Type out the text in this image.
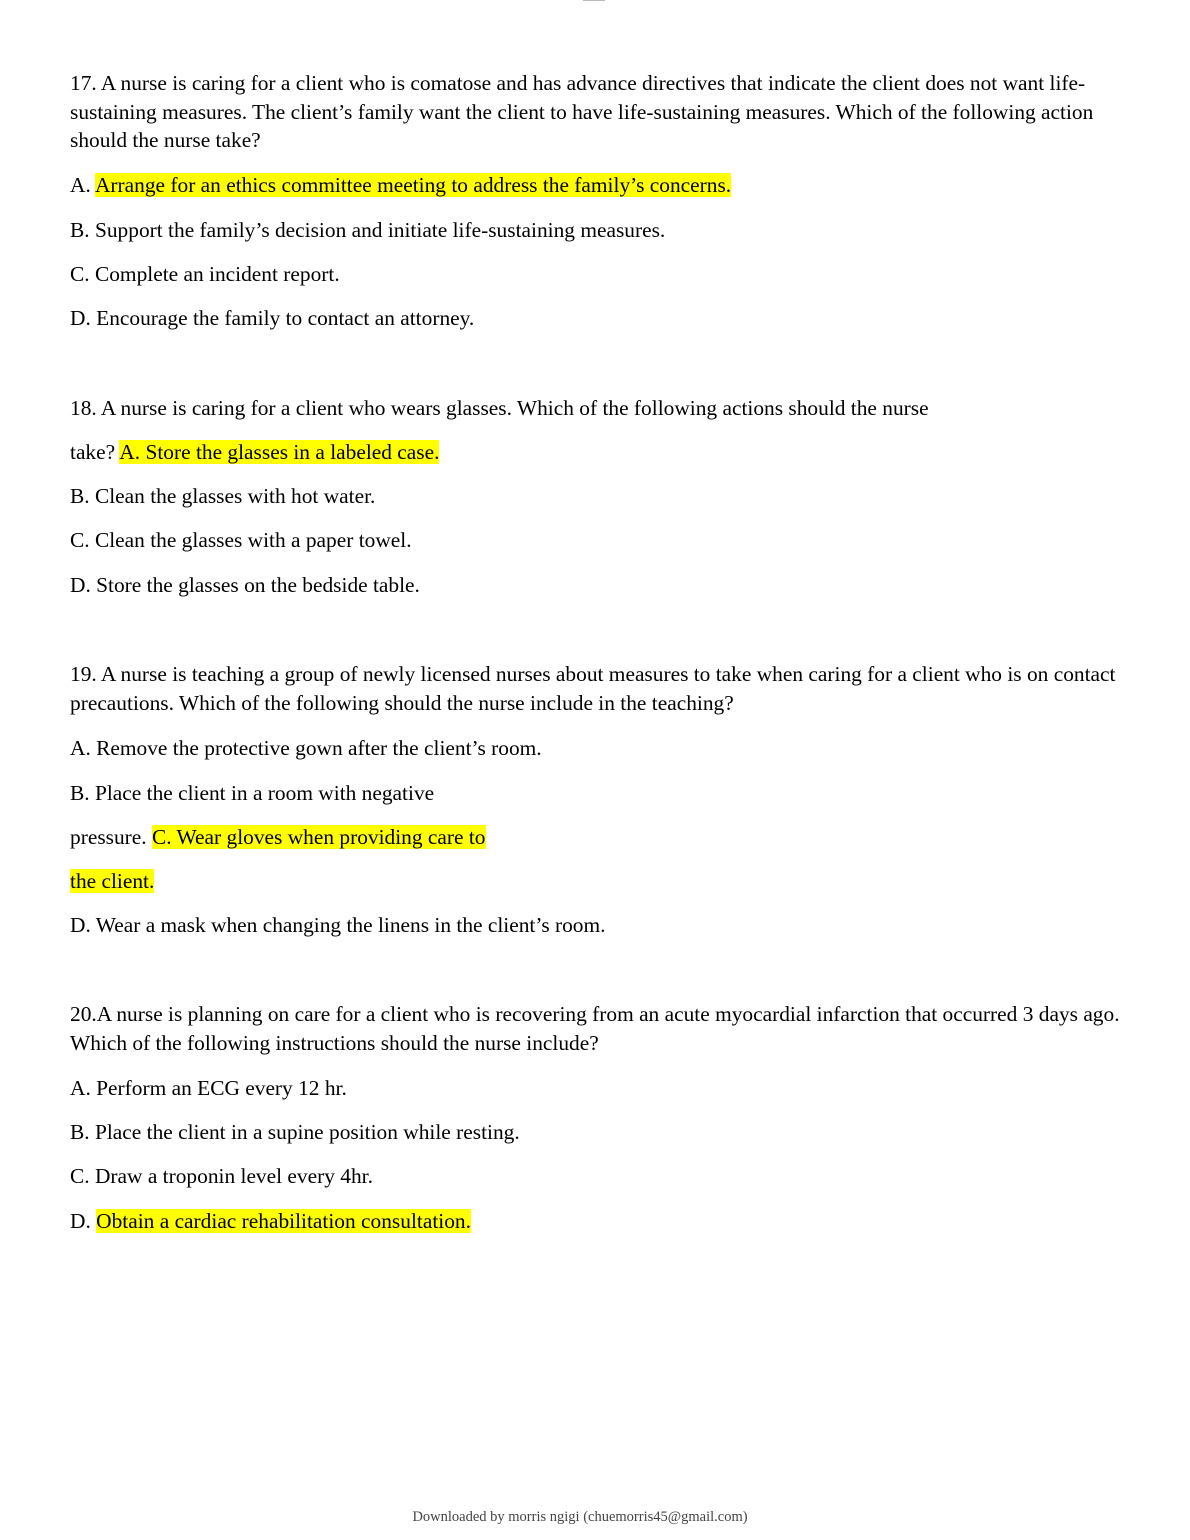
17. A nurse is caring for a client who is comatose and has advance directives that indicate the client does not want life-sustaining measures. The client’s family want the client to have life-sustaining measures. Which of the following action should the nurse take?

A. Arrange for an ethics committee meeting to address the family’s concerns.

B. Support the family’s decision and initiate life-sustaining measures.

C. Complete an incident report.

D. Encourage the family to contact an attorney.

18. A nurse is caring for a client who wears glasses. Which of the following actions should the nurse

take? A. Store the glasses in a labeled case.

B. Clean the glasses with hot water.

C. Clean the glasses with a paper towel.

D. Store the glasses on the bedside table.

19. A nurse is teaching a group of newly licensed nurses about measures to take when caring for a client who is on contact precautions. Which of the following should the nurse include in the teaching?

A. Remove the protective gown after the client’s room.

B. Place the client in a room with negative

pressure. C. Wear gloves when providing care to

the client.

D. Wear a mask when changing the linens in the client’s room.

20.A nurse is planning on care for a client who is recovering from an acute myocardial infarction that occurred 3 days ago. Which of the following instructions should the nurse include?

A. Perform an ECG every 12 hr.

B. Place the client in a supine position while resting.

C. Draw a troponin level every 4hr.

D. Obtain a cardiac rehabilitation consultation.

Downloaded by morris ngigi (chuemorris45@gmail.com)
